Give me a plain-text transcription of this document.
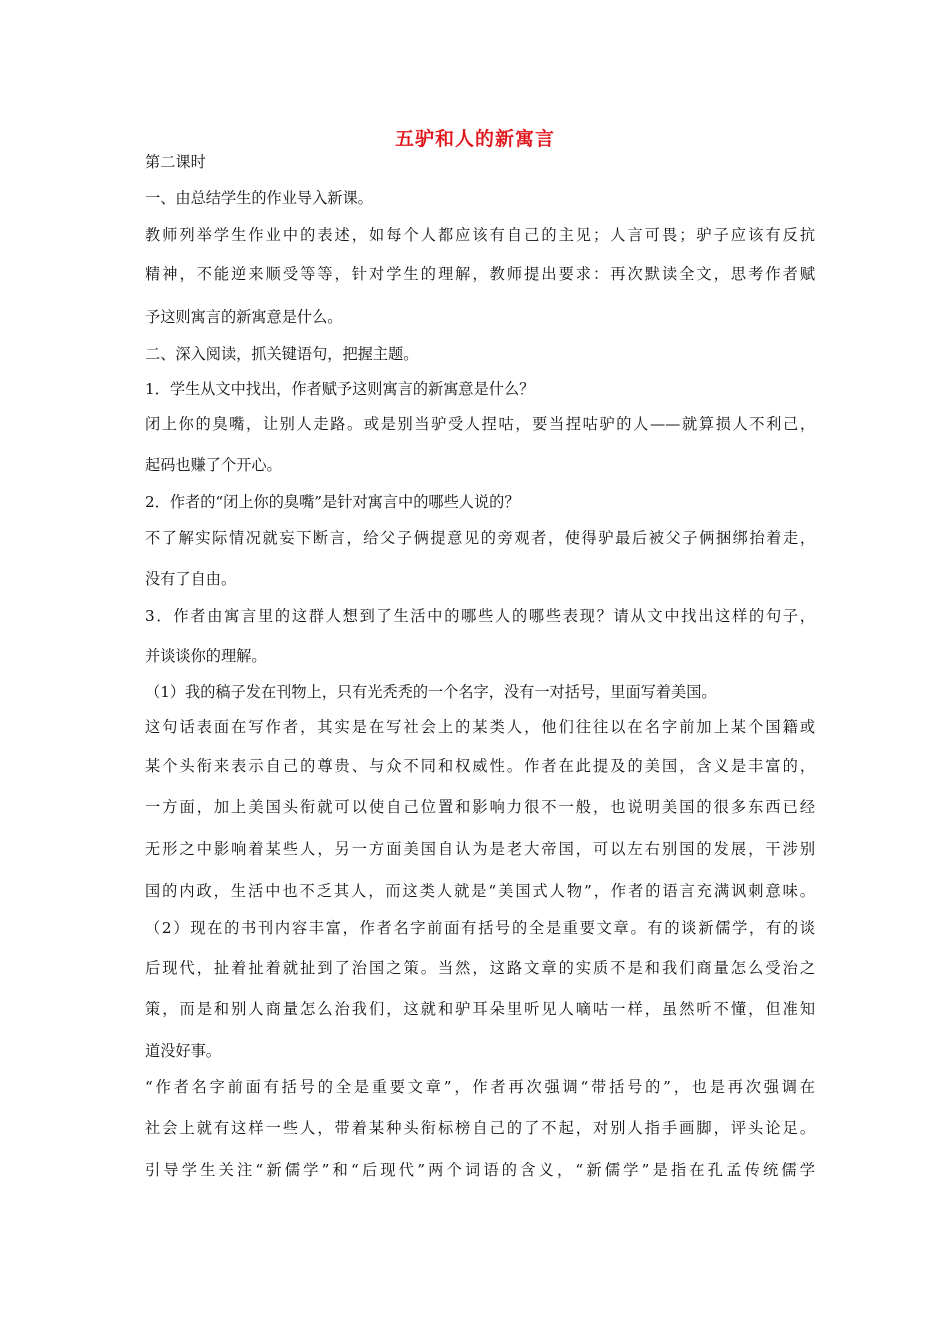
五驴和人的新寓言
第二课时
一、由总结学生的作业导入新课。
教师列举学生作业中的表述，如每个人都应该有自己的主见；人言可畏；驴子应该有反抗
精神，不能逆来顺受等等，针对学生的理解，教师提出要求：再次默读全文，思考作者赋
予这则寓言的新寓意是什么。
二、深入阅读，抓关键语句，把握主题。
1．学生从文中找出，作者赋予这则寓言的新寓意是什么？
闭上你的臭嘴，让别人走路。或是别当驴受人捏咕，要当捏咕驴的人——就算损人不利己，
起码也赚了个开心。
2．作者的“闭上你的臭嘴”是针对寓言中的哪些人说的？
不了解实际情况就妄下断言，给父子俩提意见的旁观者，使得驴最后被父子俩捆绑抬着走，
没有了自由。
3．作者由寓言里的这群人想到了生活中的哪些人的哪些表现？请从文中找出这样的句子，
并谈谈你的理解。
（1）我的稿子发在刊物上，只有光秃秃的一个名字，没有一对括号，里面写着美国。
这句话表面在写作者，其实是在写社会上的某类人，他们往往以在名字前加上某个国籍或
某个头衔来表示自己的尊贵、与众不同和权威性。作者在此提及的美国，含义是丰富的，
一方面，加上美国头衔就可以使自己位置和影响力很不一般，也说明美国的很多东西已经
无形之中影响着某些人，另一方面美国自认为是老大帝国，可以左右别国的发展，干涉别
国的内政，生活中也不乏其人，而这类人就是“美国式人物”，作者的语言充满讽刺意味。
（2）现在的书刊内容丰富，作者名字前面有括号的全是重要文章。有的谈新儒学，有的谈
后现代，扯着扯着就扯到了治国之策。当然，这路文章的实质不是和我们商量怎么受治之
策，而是和别人商量怎么治我们，这就和驴耳朵里听见人嘀咕一样，虽然听不懂，但准知
道没好事。
“作者名字前面有括号的全是重要文章”，作者再次强调“带括号的”，也是再次强调在
社会上就有这样一些人，带着某种头衔标榜自己的了不起，对别人指手画脚，评头论足。
引导学生关注“新儒学”和“后现代”两个词语的含义，“新儒学”是指在孔孟传统儒学
